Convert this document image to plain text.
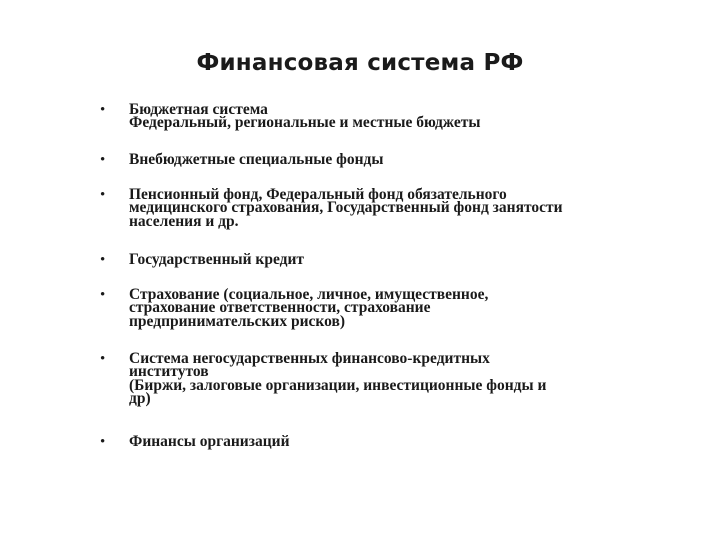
Финансовая система РФ
• Бюджетная система
Федеральный, региональные и местные бюджеты
• Внебюджетные специальные фонды
• Пенсионный фонд, Федеральный фонд обязательного
медицинского страхования, Государственный фонд занятости
населения и др.
• Государственный кредит
• Страхование (социальное, личное, имущественное,
страхование ответственности, страхование
предпринимательских рисков)
• Система негосударственных финансово-кредитных
институтов
(Биржи, залоговые организации, инвестиционные фонды и
др)
• Финансы организаций
